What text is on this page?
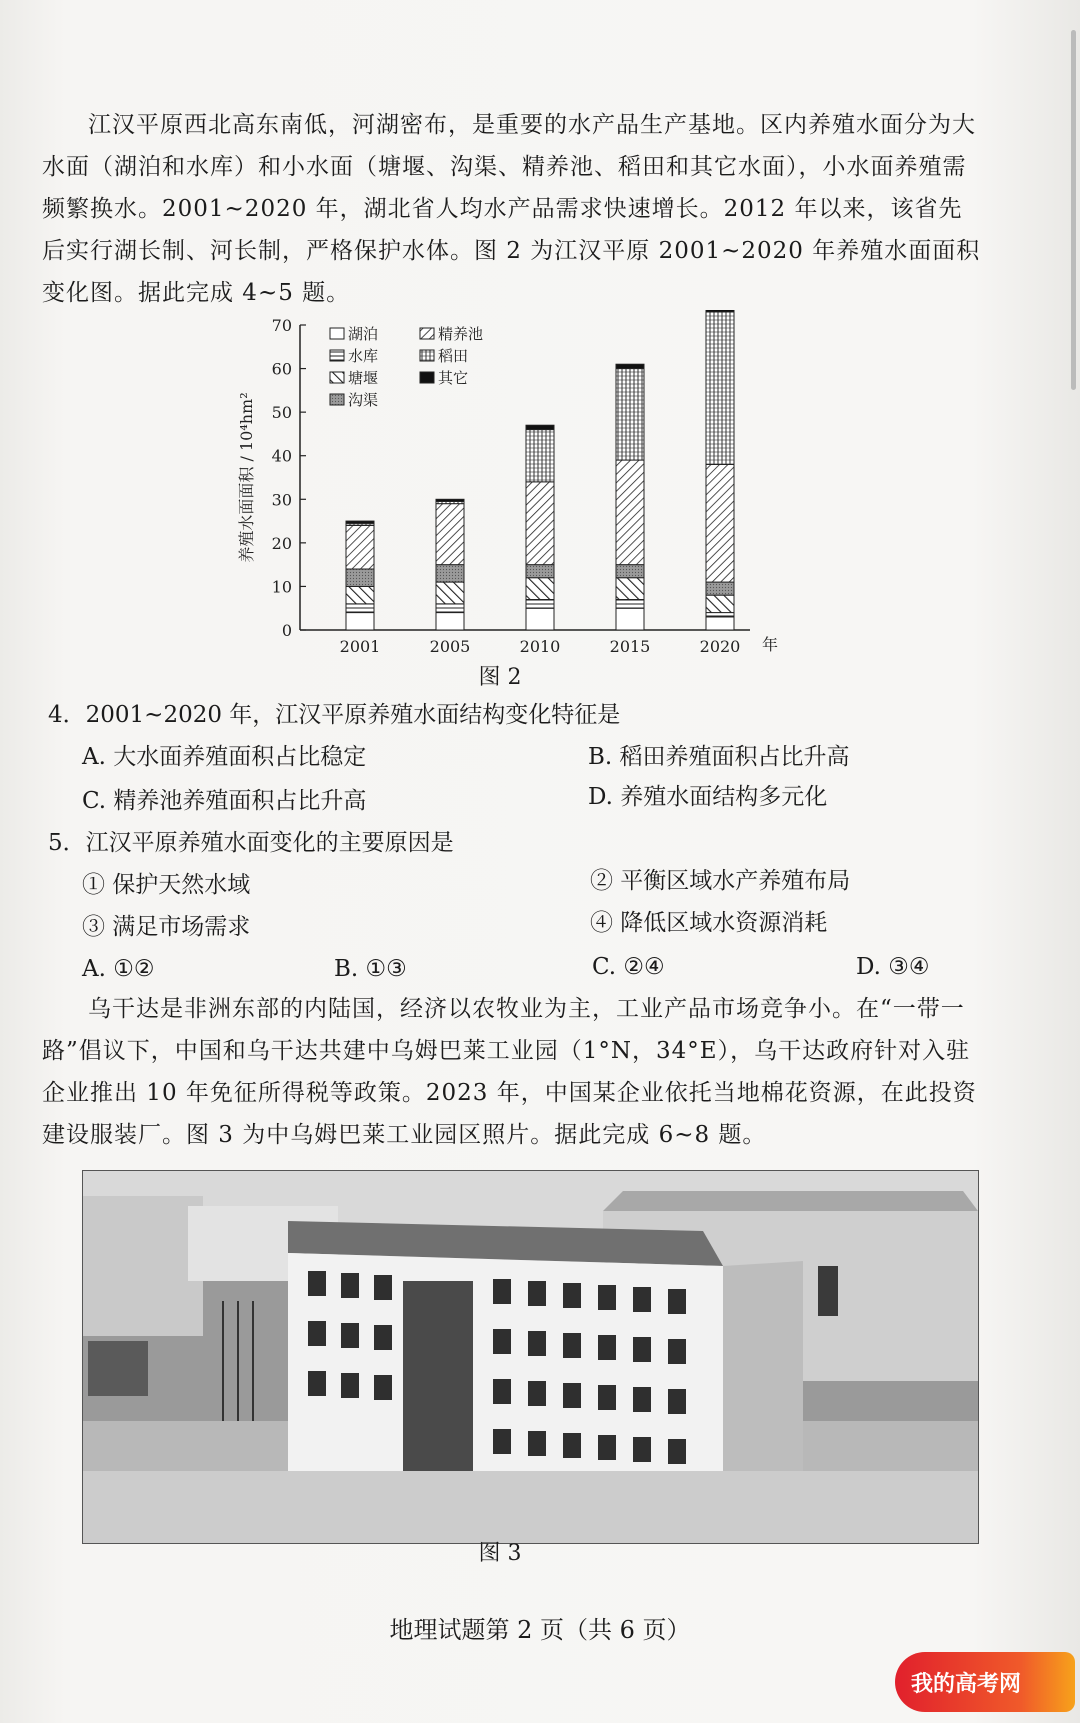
江汉平原西北高东南低，河湖密布，是重要的水产品生产基地。区内养殖水面分为大水面（湖泊和水库）和小水面（塘堰、沟渠、精养池、稻田和其它水面），小水面养殖需频繁换水。2001~2020 年，湖北省人均水产品需求快速增长。2012 年以来，该省先后实行湖长制、河长制，严格保护水体。图 2 为江汉平原 2001~2020 年养殖水面面积变化图。据此完成 4~5 题。

0
10
20
30
40
50
60
70
养殖水面面积 / 10⁴hm²
2001	2005	2010	2015	2020 年
湖泊
水库
塘堰
沟渠
精养池
稻田
其它
图 2
4．2001~2020 年，江汉平原养殖水面结构变化特征是
A. 大水面养殖面积占比稳定	B. 稻田养殖面积占比升高
C. 精养池养殖面积占比升高	D. 养殖水面结构多元化
5．江汉平原养殖水面变化的主要原因是
① 保护天然水域	② 平衡区域水产养殖布局
③ 满足市场需求	④ 降低区域水资源消耗
A. ①②	B. ①③	C. ②④	D. ③④

乌干达是非洲东部的内陆国，经济以农牧业为主，工业产品市场竞争小。在“一带一路”倡议下，中国和乌干达共建中乌姆巴莱工业园（1°N，34°E），乌干达政府针对入驻企业推出 10 年免征所得税等政策。2023 年，中国某企业依托当地棉花资源，在此投资建设服装厂。图 3 为中乌姆巴莱工业园区照片。据此完成 6~8 题。

图 3
地理试题第 2 页（共 6 页）
我的高考网
